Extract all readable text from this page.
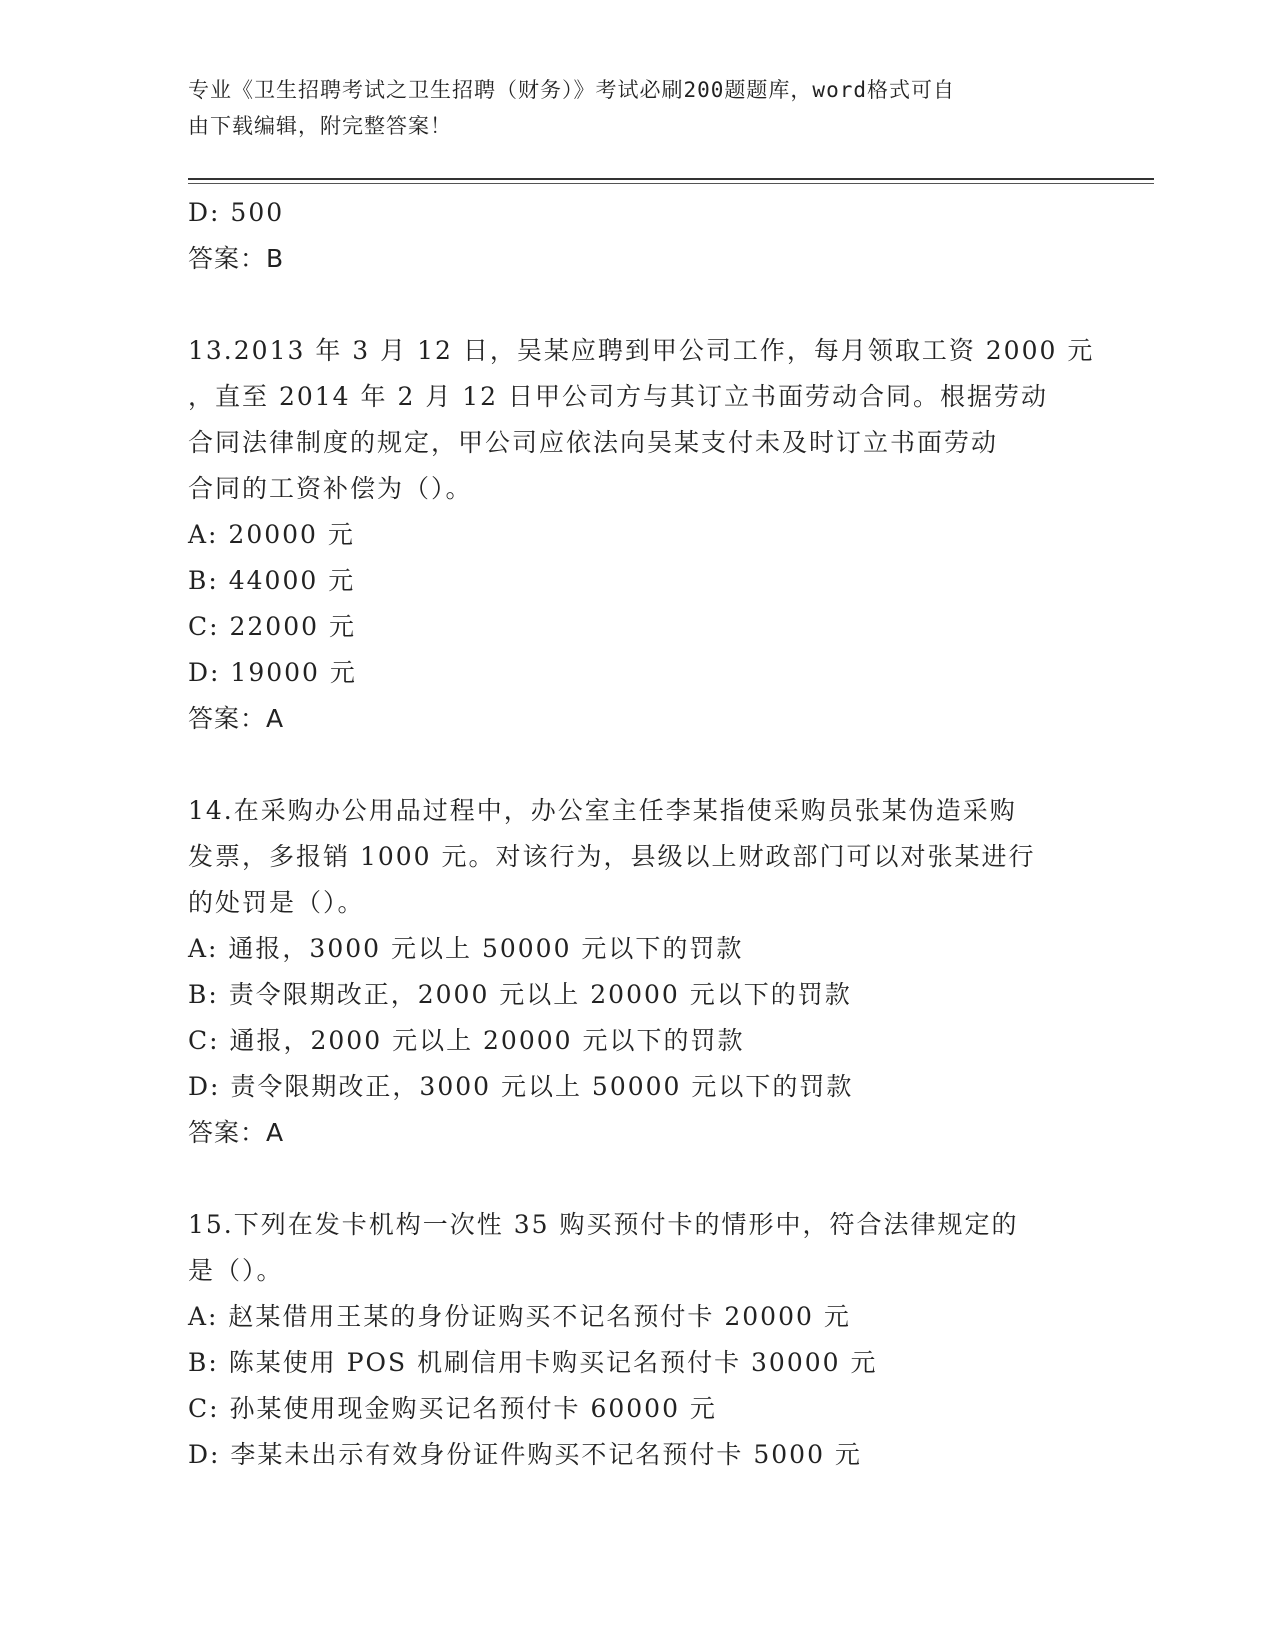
专业《卫生招聘考试之卫生招聘（财务）》考试必刷200题题库，word格式可自
由下载编辑，附完整答案！
D: 500
答案：B
13.2013 年 3 月 12 日，吴某应聘到甲公司工作，每月领取工资 2000 元
，直至 2014 年 2 月 12 日甲公司方与其订立书面劳动合同。根据劳动
合同法律制度的规定，甲公司应依法向吴某支付未及时订立书面劳动
合同的工资补偿为（）。
A: 20000 元
B: 44000 元
C: 22000 元
D: 19000 元
答案：A
14.在采购办公用品过程中，办公室主任李某指使采购员张某伪造采购
发票，多报销 1000 元。对该行为，县级以上财政部门可以对张某进行
的处罚是（）。
A: 通报，3000 元以上 50000 元以下的罚款
B: 责令限期改正，2000 元以上 20000 元以下的罚款
C: 通报，2000 元以上 20000 元以下的罚款
D: 责令限期改正，3000 元以上 50000 元以下的罚款
答案：A
15.下列在发卡机构一次性 35 购买预付卡的情形中，符合法律规定的
是（）。
A: 赵某借用王某的身份证购买不记名预付卡 20000 元
B: 陈某使用 POS 机刷信用卡购买记名预付卡 30000 元
C: 孙某使用现金购买记名预付卡 60000 元
D: 李某未出示有效身份证件购买不记名预付卡 5000 元
